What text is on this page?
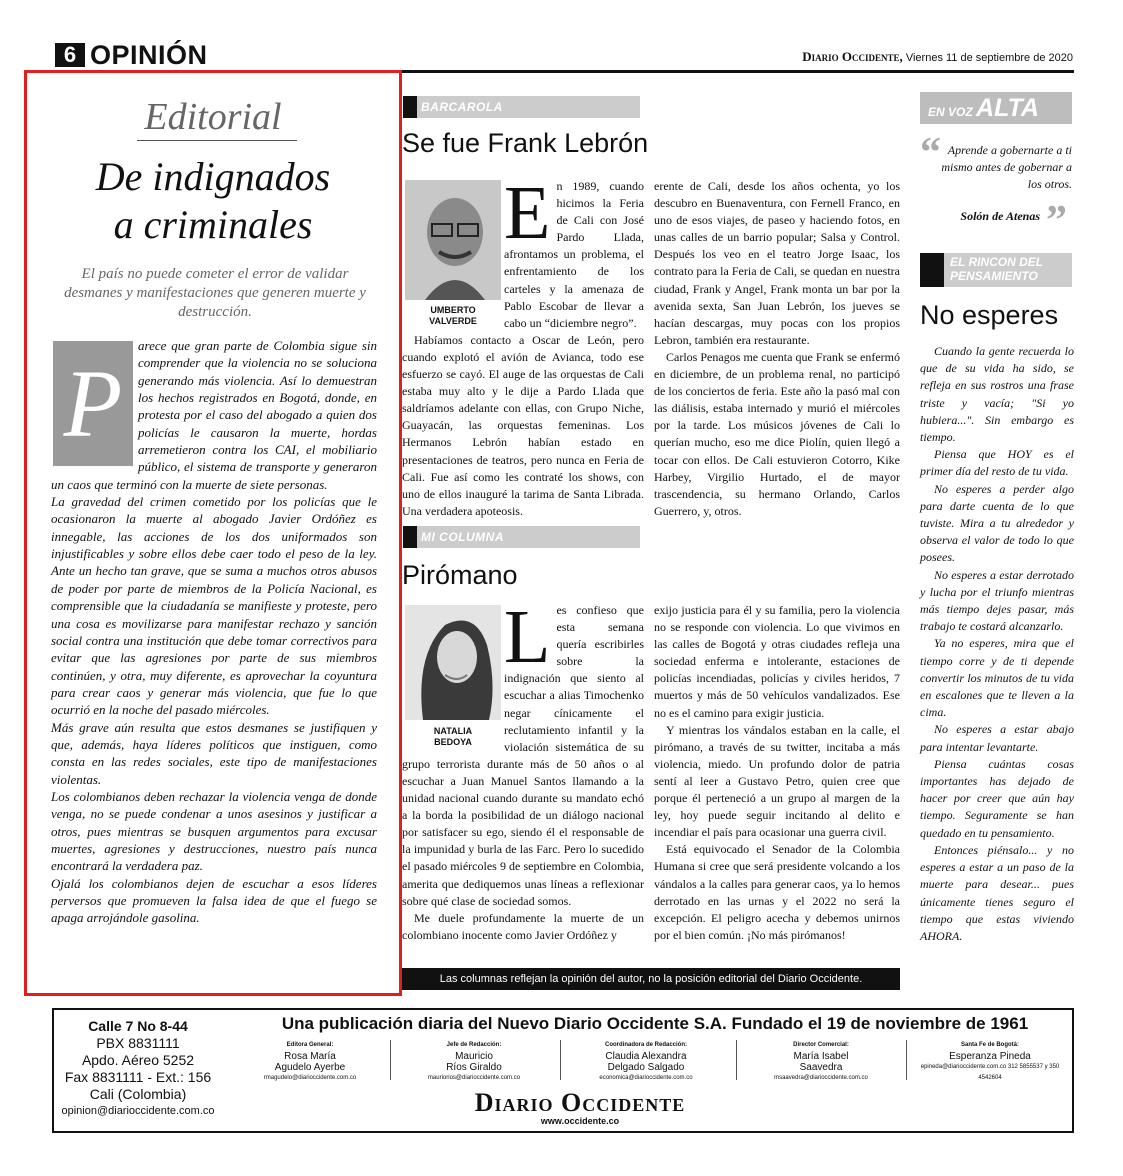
6 OPINIÓN	Diario Occidente, Viernes 11 de septiembre de 2020
Editorial
De indignados
a criminales
El país no puede cometer el error de validar desmanes y manifestaciones que generen muerte y destrucción.
P

arece que gran parte de Colombia sigue sin comprender que la violencia no se soluciona generando más violencia. Así lo demuestran los hechos registrados en Bogotá, donde, en protesta por el caso del abogado a quien dos policías le causaron la muerte, hordas arremetieron contra los CAI, el mobiliario público, el sistema de transporte y generaron un caos que terminó con la muerte de siete personas.

La gravedad del crimen cometido por los policías que le ocasionaron la muerte al abogado Javier Ordóñez es innegable, las acciones de los dos uniformados son injustificables y sobre ellos debe caer todo el peso de la ley. Ante un hecho tan grave, que se suma a muchos otros abusos de poder por parte de miembros de la Policía Nacional, es comprensible que la ciudadanía se manifieste y proteste, pero una cosa es movilizarse para manifestar rechazo y sanción social contra una institución que debe tomar correctivos para evitar que las agresiones por parte de sus miembros continúen, y otra, muy diferente, es aprovechar la coyuntura para crear caos y generar más violencia, que fue lo que ocurrió en la noche del pasado miércoles.

Más grave aún resulta que estos desmanes se justifiquen y que, además, haya líderes políticos que instiguen, como consta en las redes sociales, este tipo de manifestaciones violentas.

Los colombianos deben rechazar la violencia venga de donde venga, no se puede condenar a unos asesinos y justificar a otros, pues mientras se busquen argumentos para excusar muertes, agresiones y destrucciones, nuestro país nunca encontrará la verdadera paz.

Ojalá los colombianos dejen de escuchar a esos líderes perversos que promueven la falsa idea de que el fuego se apaga arrojándole gasolina.

BARCAROLA
Se fue Frank Lebrón
UMBERTO
VALVERDE
E n 1989, cuando hicimos la Feria de Cali con José Pardo Llada, afrontamos un problema, el enfrentamiento de los carteles y la amenaza de Pablo Escobar de llevar a cabo un “diciembre negro”.

Habíamos contacto a Oscar de León, pero cuando explotó el avión de Avianca, todo ese esfuerzo se cayó. El auge de las orquestas de Cali estaba muy alto y le dije a Pardo Llada que saldríamos adelante con ellas, con Grupo Niche, Guayacán, las orquestas femeninas. Los Hermanos Lebrón habían estado en presentaciones de teatros, pero nunca en Feria de Cali. Fue así como les contraté los shows, con uno de ellos inauguré la tarima de Santa Librada. Una verdadera apoteosis.

erente de Cali, desde los años ochenta, yo los descubro en Buenaventura, con Fernell Franco, en uno de esos viajes, de paseo y haciendo fotos, en unas calles de un barrio popular; Salsa y Control. Después los veo en el teatro Jorge Isaac, los contrato para la Feria de Cali, se quedan en nuestra ciudad, Frank y Angel, Frank monta un bar por la avenida sexta, San Juan Lebrón, los jueves se hacían descargas, muy pocas con los propios Lebron, también era restaurante.

Carlos Penagos me cuenta que Frank se enfermó en diciembre, de un problema renal, no participó de los conciertos de feria. Este año la pasó mal con las diálisis, estaba internado y murió el miércoles por la tarde. Los músicos jóvenes de Cali lo querían mucho, eso me dice Piolín, quien llegó a tocar con ellos. De Cali estuvieron Cotorro, Kike Harbey, Virgilio Hurtado, el de mayor trascendencia, su hermano Orlando, Carlos Guerrero, y, otros.

MI COLUMNA
Pirómano
NATALIA
BEDOYA
L es confieso que esta semana quería escribirles sobre la indignación que siento al escuchar a alias Timochenko negar cínicamente el reclutamiento infantil y la violación sistemática de su grupo terrorista durante más de 50 años o al escuchar a Juan Manuel Santos llamando a la unidad nacional cuando durante su mandato echó a la borda la posibilidad de un diálogo nacional por satisfacer su ego, siendo él el responsable de la impunidad y burla de las Farc. Pero lo sucedido el pasado miércoles 9 de septiembre en Colombia, amerita que dediquemos unas líneas a reflexionar sobre qué clase de sociedad somos.

Me duele profundamente la muerte de un colombiano inocente como Javier Ordóñez y

exijo justicia para él y su familia, pero la violencia no se responde con violencia. Lo que vivimos en las calles de Bogotá y otras ciudades refleja una sociedad enferma e intolerante, estaciones de policías incendiadas, policías y civiles heridos, 7 muertos y más de 50 vehículos vandalizados. Ese no es el camino para exigir justicia.

Y mientras los vándalos estaban en la calle, el pirómano, a través de su twitter, incitaba a más violencia, miedo. Un profundo dolor de patria sentí al leer a Gustavo Petro, quien cree que porque él perteneció a un grupo al margen de la ley, hoy puede seguir incitando al delito e incendiar el país para ocasionar una guerra civil.

Está equivocado el Senador de la Colombia Humana si cree que será presidente volcando a los vándalos a la calles para generar caos, ya lo hemos derrotado en las urnas y el 2022 no será la excepción. El peligro acecha y debemos unirnos por el bien común. ¡No más pirómanos!

Las columnas reflejan la opinión del autor, no la posición editorial del Diario Occidente.
EN VOZ ALTA
“ Aprende a gobernarte a ti mismo antes de gobernar a los otros.
Solón de Atenas ”
EL RINCON DEL PENSAMIENTO
No esperes

Cuando la gente recuerda lo que de su vida ha sido, se refleja en sus rostros una frase triste y vacía; "Si yo hubiera...". Sin embargo es tiempo.

Piensa que HOY es el primer día del resto de tu vida.

No esperes a perder algo para darte cuenta de lo que tuviste. Mira a tu alrededor y observa el valor de todo lo que posees.

No esperes a estar derrotado y lucha por el triunfo mientras más tiempo dejes pasar, más trabajo te costará alcanzarlo.

Ya no esperes, mira que el tiempo corre y de ti depende convertir los minutos de tu vida en escalones que te lleven a la cima.

No esperes a estar abajo para intentar levantarte.

Piensa cuántas cosas importantes has dejado de hacer por creer que aún hay tiempo. Seguramente se han quedado en tu pensamiento.

Entonces piénsalo... y no esperes a estar a un paso de la muerte para desear... pues únicamente tienes seguro el tiempo que estas viviendo AHORA.

Calle 7 No 8-44
PBX 8831111
Apdo. Aéreo 5252
Fax 8831111 - Ext.: 156
Cali (Colombia)
opinion@diarioccidente.com.co
Una publicación diaria del Nuevo Diario Occidente S.A. Fundado el 19 de noviembre de 1961
Editora General:
Rosa María
Agudelo Ayerbe
rmagudelo@diarioccidente.com.co
Jefe de Redacción:
Mauricio
Ríos Giraldo
mauriorios@diarioccidente.com.co
Coordinadora de Redacción:
Claudia Alexandra
Delgado Salgado
economica@diarioccidente.com.co
Director Comercial:
María Isabel
Saavedra
msaavedra@diarioccidente.com.co
Santa Fe de Bogotá:
Esperanza Pineda
epineda@diarioccidente.com.co 312 5855537 y 350 4542604
Diario Occidente
www.occidente.co
